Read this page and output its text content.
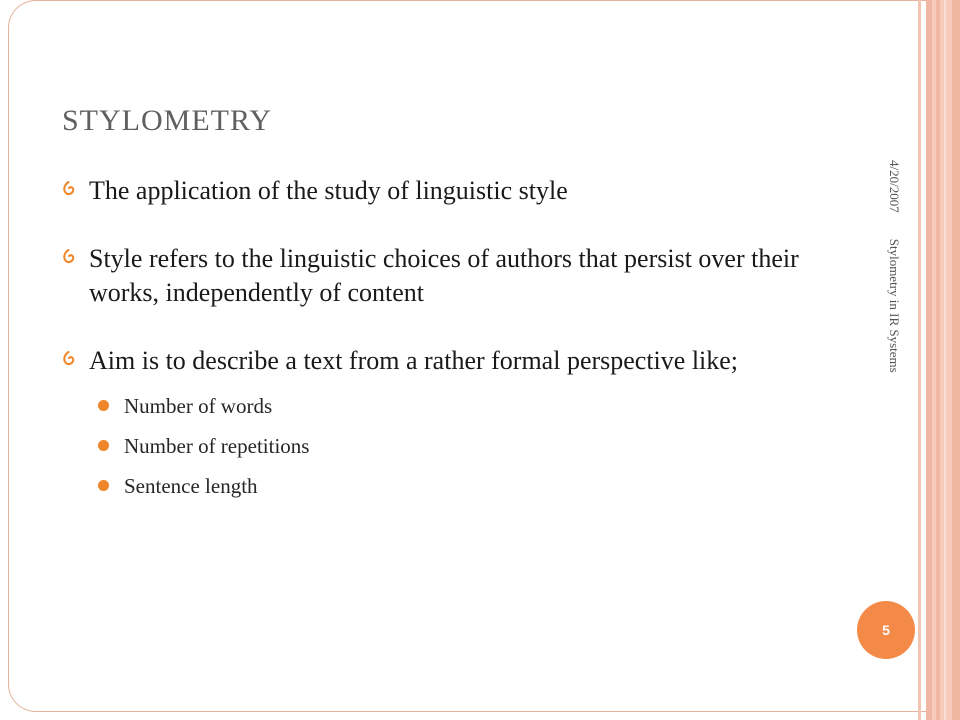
STYLOMETRY
The application of the study of linguistic style
Style refers to the linguistic choices of authors that persist over their works, independently of content
Aim is to describe a text from a rather formal perspective like;
Number of words
Number of repetitions
Sentence length
4/20/2007Stylometry in IR Systems
5
